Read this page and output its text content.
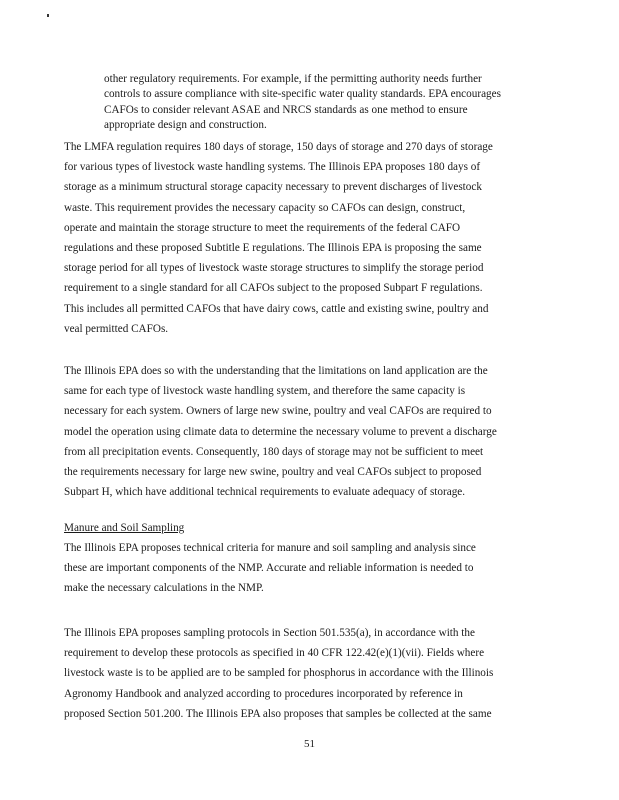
other regulatory requirements. For example, if the permitting authority needs further
controls to assure compliance with site-specific water quality standards. EPA encourages
CAFOs to consider relevant ASAE and NRCS standards as one method to ensure
appropriate design and construction.
The LMFA regulation requires 180 days of storage, 150 days of storage and 270 days of storage
for various types of livestock waste handling systems. The Illinois EPA proposes 180 days of
storage as a minimum structural storage capacity necessary to prevent discharges of livestock
waste. This requirement provides the necessary capacity so CAFOs can design, construct,
operate and maintain the storage structure to meet the requirements of the federal CAFO
regulations and these proposed Subtitle E regulations. The Illinois EPA is proposing the same
storage period for all types of livestock waste storage structures to simplify the storage period
requirement to a single standard for all CAFOs subject to the proposed Subpart F regulations.
This includes all permitted CAFOs that have dairy cows, cattle and existing swine, poultry and
veal permitted CAFOs.
The Illinois EPA does so with the understanding that the limitations on land application are the
same for each type of livestock waste handling system, and therefore the same capacity is
necessary for each system. Owners of large new swine, poultry and veal CAFOs are required to
model the operation using climate data to determine the necessary volume to prevent a discharge
from all precipitation events. Consequently, 180 days of storage may not be sufficient to meet
the requirements necessary for large new swine, poultry and veal CAFOs subject to proposed
Subpart H, which have additional technical requirements to evaluate adequacy of storage.
Manure and Soil Sampling
The Illinois EPA proposes technical criteria for manure and soil sampling and analysis since
these are important components of the NMP. Accurate and reliable information is needed to
make the necessary calculations in the NMP.
The Illinois EPA proposes sampling protocols in Section 501.535(a), in accordance with the
requirement to develop these protocols as specified in 40 CFR 122.42(e)(1)(vii). Fields where
livestock waste is to be applied are to be sampled for phosphorus in accordance with the Illinois
Agronomy Handbook and analyzed according to procedures incorporated by reference in
proposed Section 501.200. The Illinois EPA also proposes that samples be collected at the same
51
